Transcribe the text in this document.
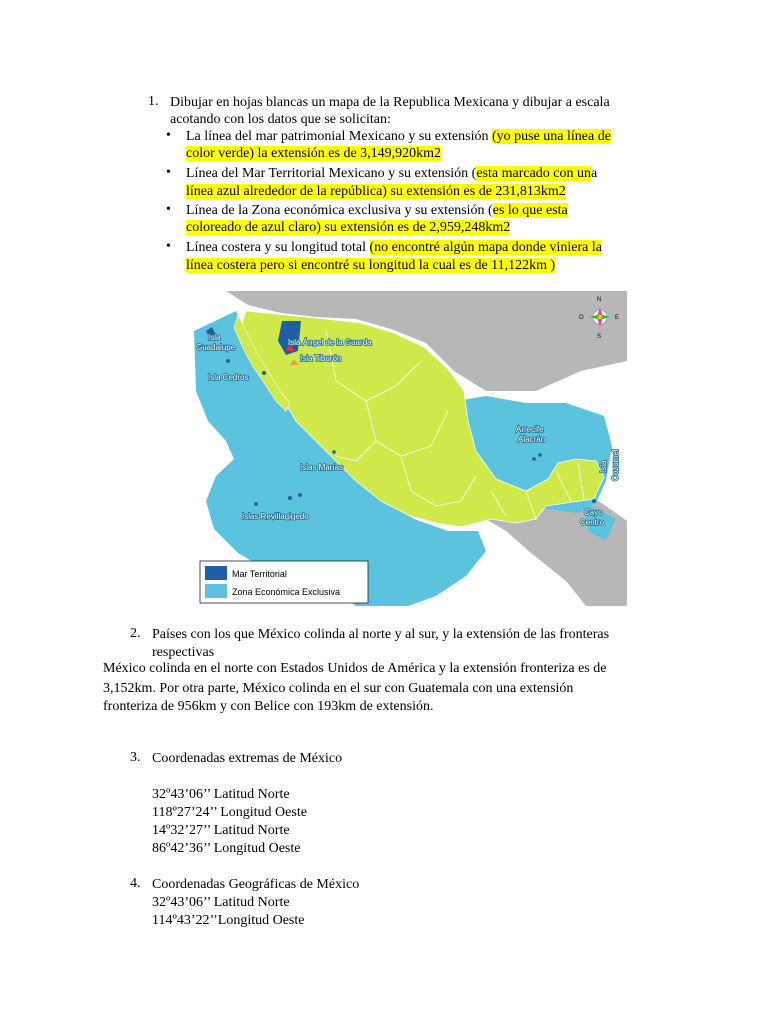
1. Dibujar en hojas blancas un mapa de la Republica Mexicana y dibujar a escala
acotando con los datos que se solicitan:
• La línea del mar patrimonial Mexicano y su extensión (yo puse una línea de
color verde) la extensión es de 3,149,920km2
• Línea del Mar Territorial Mexicano y su extensión (esta marcado con una
línea azul alrededor de la república) su extensión es de 231,813km2
• Línea de la Zona económica exclusiva y su extensión (es lo que esta
coloreado de azul claro) su extensión es de 2,959,248km2
• Línea costera y su longitud total (no encontré algún mapa donde viniera la
línea costera pero si encontré su longitud la cual es de 11,122km )
Isla
Guadalupe
Isla Cedros
Isla Ángel de la Guarda
Isla Tiburón
Islas Marías
Islas Revillagigedo
Arrecife
Alacrán
Isla Cozumel
Cayo
Centro
N
S
E
O
Mar Territorial
Zona Económica Exclusiva
2. Países con los que México colinda al norte y al sur, y la extensión de las fronteras
respectivas
México colinda en el norte con Estados Unidos de América y la extensión fronteriza es de
3,152km. Por otra parte, México colinda en el sur con Guatemala con una extensión
fronteriza de 956km y con Belice con 193km de extensión.
3. Coordenadas extremas de México
32º43’06’’ Latitud Norte
118º27’24’’ Longitud Oeste
14º32’27’’ Latitud Norte
86º42’36’’ Longitud Oeste
4. Coordenadas Geográficas de México
32º43’06’’ Latitud Norte
114º43’22’’Longitud Oeste
